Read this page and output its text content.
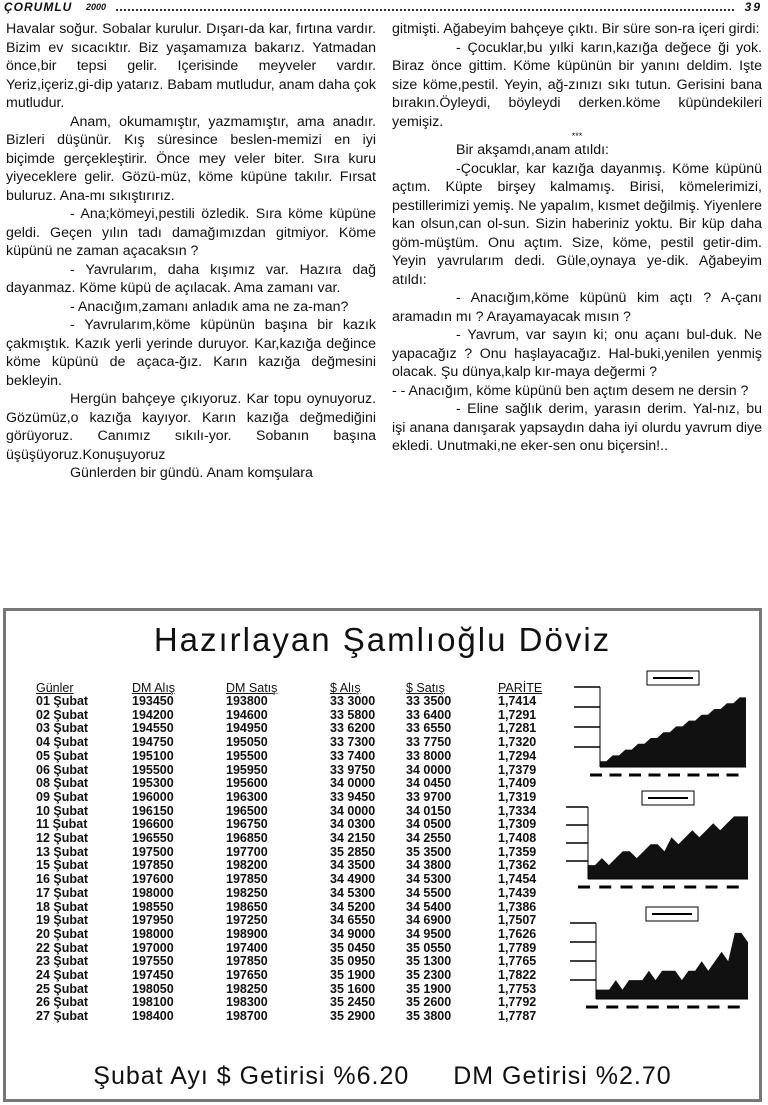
ÇORUMLU 2000	39

Havalar soğur. Sobalar kurulur. Dışarı-da kar, fırtına vardır. Bizim ev sıcacıktır. Biz yaşamamıza bakarız. Yatmadan önce,bir tepsi gelir. Içerisinde meyveler vardır. Yeriz,içeriz,gi-dip yatarız. Babam mutludur, anam daha çok mutludur.

Anam, okumamıştır, yazmamıştır, ama anadır. Bizleri düşünür. Kış süresince beslen-memizi en iyi biçimde gerçekleştirir. Önce mey veler biter. Sıra kuru yiyeceklere gelir. Gözü-müz, köme küpüne takılır. Fırsat buluruz. Ana-mı sıkıştırırız.

- Ana;kömeyi,pestili özledik. Sıra köme küpüne geldi. Geçen yılın tadı damağımızdan gitmiyor. Köme küpünü ne zaman açacaksın ?

- Yavrularım, daha kışımız var. Hazıra dağ dayanmaz. Köme küpü de açılacak. Ama zamanı var.

- Anacığım,zamanı anladık ama ne za-man?

- Yavrularım,köme küpünün başına bir kazık çakmıştık. Kazık yerli yerinde duruyor. Kar,kazığa değince köme küpünü de açaca-ğız. Karın kazığa değmesini bekleyin.

Hergün bahçeye çıkıyoruz. Kar topu oynuyoruz. Gözümüz,o kazığa kayıyor. Karın kazığa değmediğini görüyoruz. Canımız sıkılı-yor. Sobanın başına üşüşüyoruz.Konuşuyoruz

Günlerden bir gündü. Anam komşulara

gitmişti. Ağabeyim bahçeye çıktı. Bir süre son-ra içeri girdi:

- Çocuklar,bu yılki karın,kazığa değece ği yok. Biraz önce gittim. Köme küpünün bir yanını deldim. Işte size köme,pestil. Yeyin, ağ-zınızı sıkı tutun. Gerisini bana bırakın.Öyleydi, böyleydi derken.köme küpündekileri yemişiz.

***

Bir akşamdı,anam atıldı:

-Çocuklar, kar kazığa dayanmış. Köme küpünü açtım. Küpte birşey kalmamış. Birisi, kömelerimizi, pestillerimizi yemiş. Ne yapalım, kısmet değilmiş. Yiyenlere kan olsun,can ol-sun. Sizin haberiniz yoktu. Bir küp daha göm-müştüm. Onu açtım. Size, köme, pestil getir-dim. Yeyin yavrularım dedi. Güle,oynaya ye-dik. Ağabeyim atıldı:

- Anacığım,köme küpünü kim açtı ? A-çanı aramadın mı ? Arayamayacak mısın ?

- Yavrum, var sayın ki; onu açanı bul-duk. Ne yapacağız ? Onu haşlayacağız. Hal-buki,yenilen yenmiş olacak. Şu dünya,kalp kır-maya değermi ?

- - Anacığım, köme küpünü ben açtım desem ne dersin ?

- Eline sağlık derim, yarasın derim. Yal-nız, bu işi anana danışarak yapsaydın daha iyi olurdu yavrum diye ekledi. Unutmaki,ne eker-sen onu biçersin!..

Hazırlayan Şamlıoğlu Döviz
Günler	DM Alış	DM Satış	$ Alış	$ Satış	PARİTE
01 Şubat	193450	193800	33 3000	33 3500	1,7414
02 Şubat	194200	194600	33 5800	33 6400	1,7291
03 Şubat	194550	194950	33 6200	33 6550	1,7281
04 Şubat	194750	195050	33 7300	33 7750	1,7320
05 Şubat	195100	195500	33 7400	33 8000	1,7294
06 Şubat	195500	195950	33 9750	34 0000	1,7379
08 Şubat	195300	195600	34 0000	34 0450	1,7409
09 Şubat	196000	196300	33 9450	33 9700	1,7319
10 Şubat	196150	196500	34 0000	34 0150	1,7334
11 Şubat	196600	196750	34 0300	34 0500	1,7309
12 Şubat	196550	196850	34 2150	34 2550	1,7408
13 Şubat	197500	197700	35 2850	35 3500	1,7359
15 Şubat	197850	198200	34 3500	34 3800	1,7362
16 Şubat	197600	197850	34 4900	34 5300	1,7454
17 Şubat	198000	198250	34 5300	34 5500	1,7439
18 Şubat	198550	198650	34 5200	34 5400	1,7386
19 Şubat	197950	197250	34 6550	34 6900	1,7507
20 Şubat	198000	198900	34 9000	34 9500	1,7626
22 Şubat	197000	197400	35 0450	35 0550	1,7789
23 Şubat	197550	197850	35 0950	35 1300	1,7765
24 Şubat	197450	197650	35 1900	35 2300	1,7822
25 Şubat	198050	198250	35 1600	35 1900	1,7753
26 Şubat	198100	198300	35 2450	35 2600	1,7792
27 Şubat	198400	198700	35 2900	35 3800	1,7787
Şubat Ayı $ Getirisi %6.20 DM Getirisi %2.70
